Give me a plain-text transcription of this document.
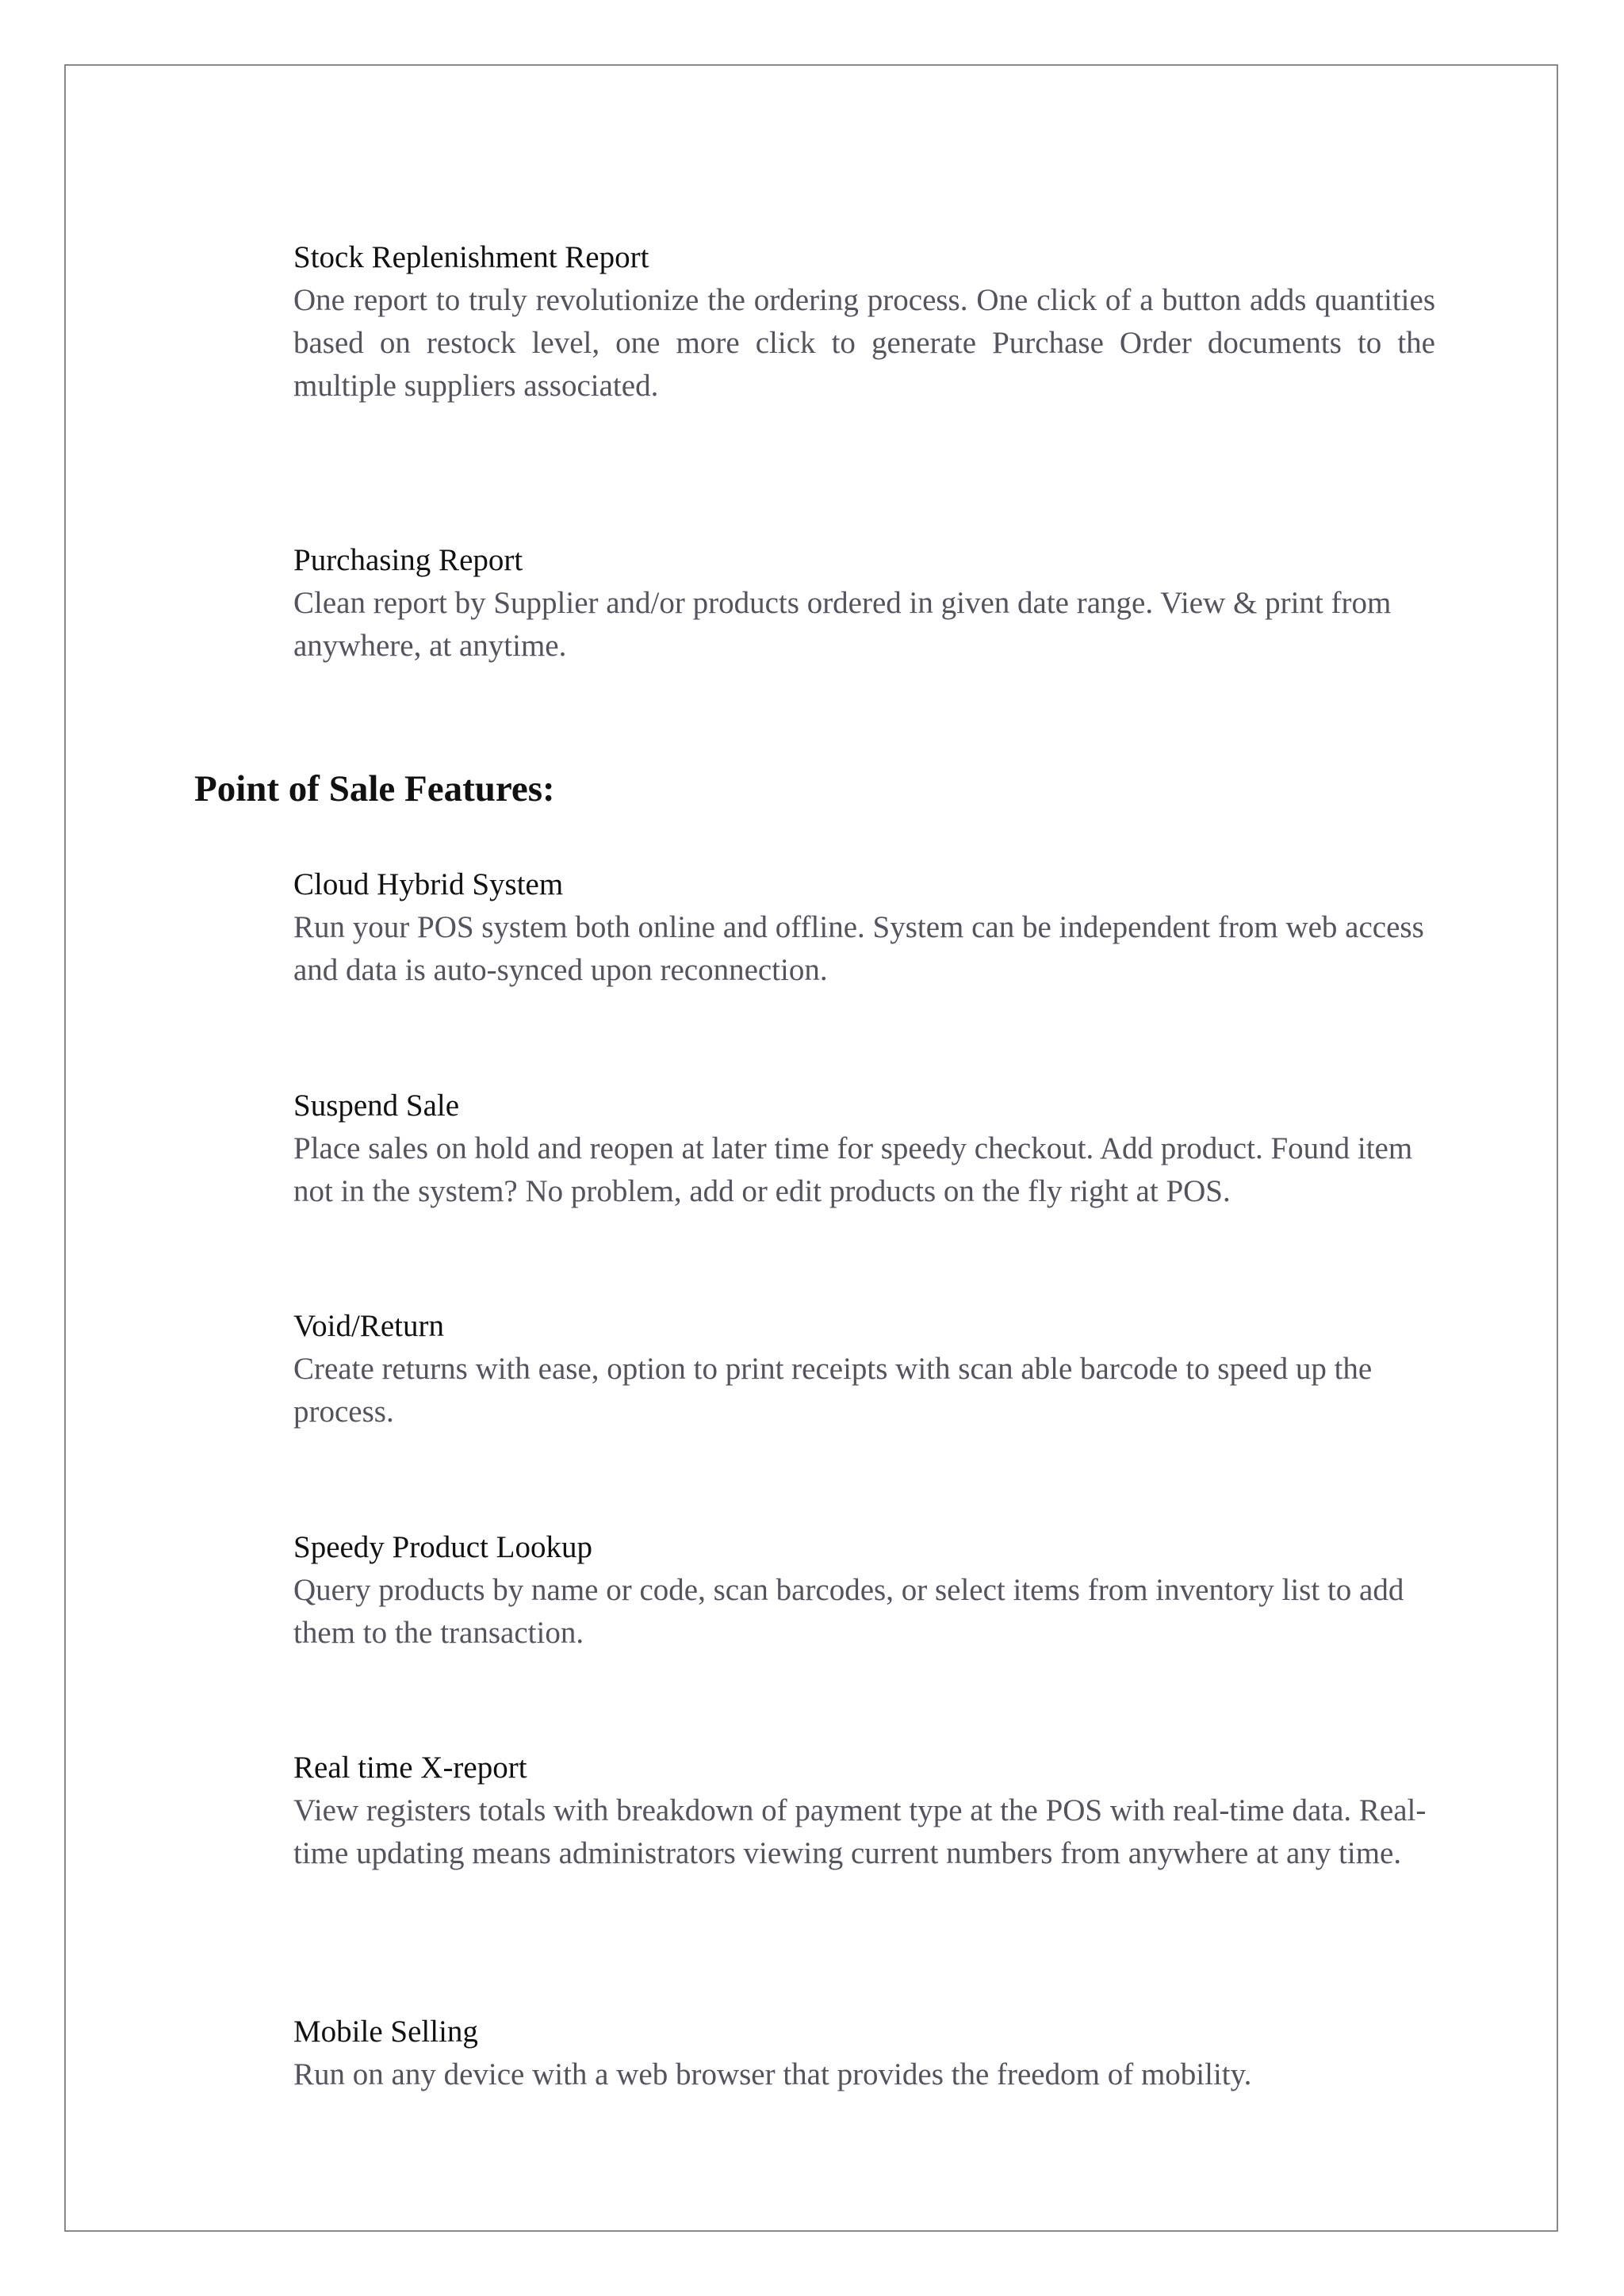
Stock Replenishment Report
One report to truly revolutionize the ordering process. One click of a button adds quantities based on restock level, one more click to generate Purchase Order documents to the multiple suppliers associated.
Purchasing Report
Clean report by Supplier and/or products ordered in given date range. View & print from anywhere, at anytime.
Point of Sale Features:
Cloud Hybrid System
Run your POS system both online and offline. System can be independent from web access and data is auto-synced upon reconnection.
Suspend Sale
Place sales on hold and reopen at later time for speedy checkout. Add product. Found item not in the system? No problem, add or edit products on the fly right at POS.
Void/Return
Create returns with ease, option to print receipts with scan able barcode to speed up the process.
Speedy Product Lookup
Query products by name or code, scan barcodes, or select items from inventory list to add them to the transaction.
Real time X-report
View registers totals with breakdown of payment type at the POS with real-time data. Real-time updating means administrators viewing current numbers from anywhere at any time.
Mobile Selling
Run on any device with a web browser that provides the freedom of mobility.
